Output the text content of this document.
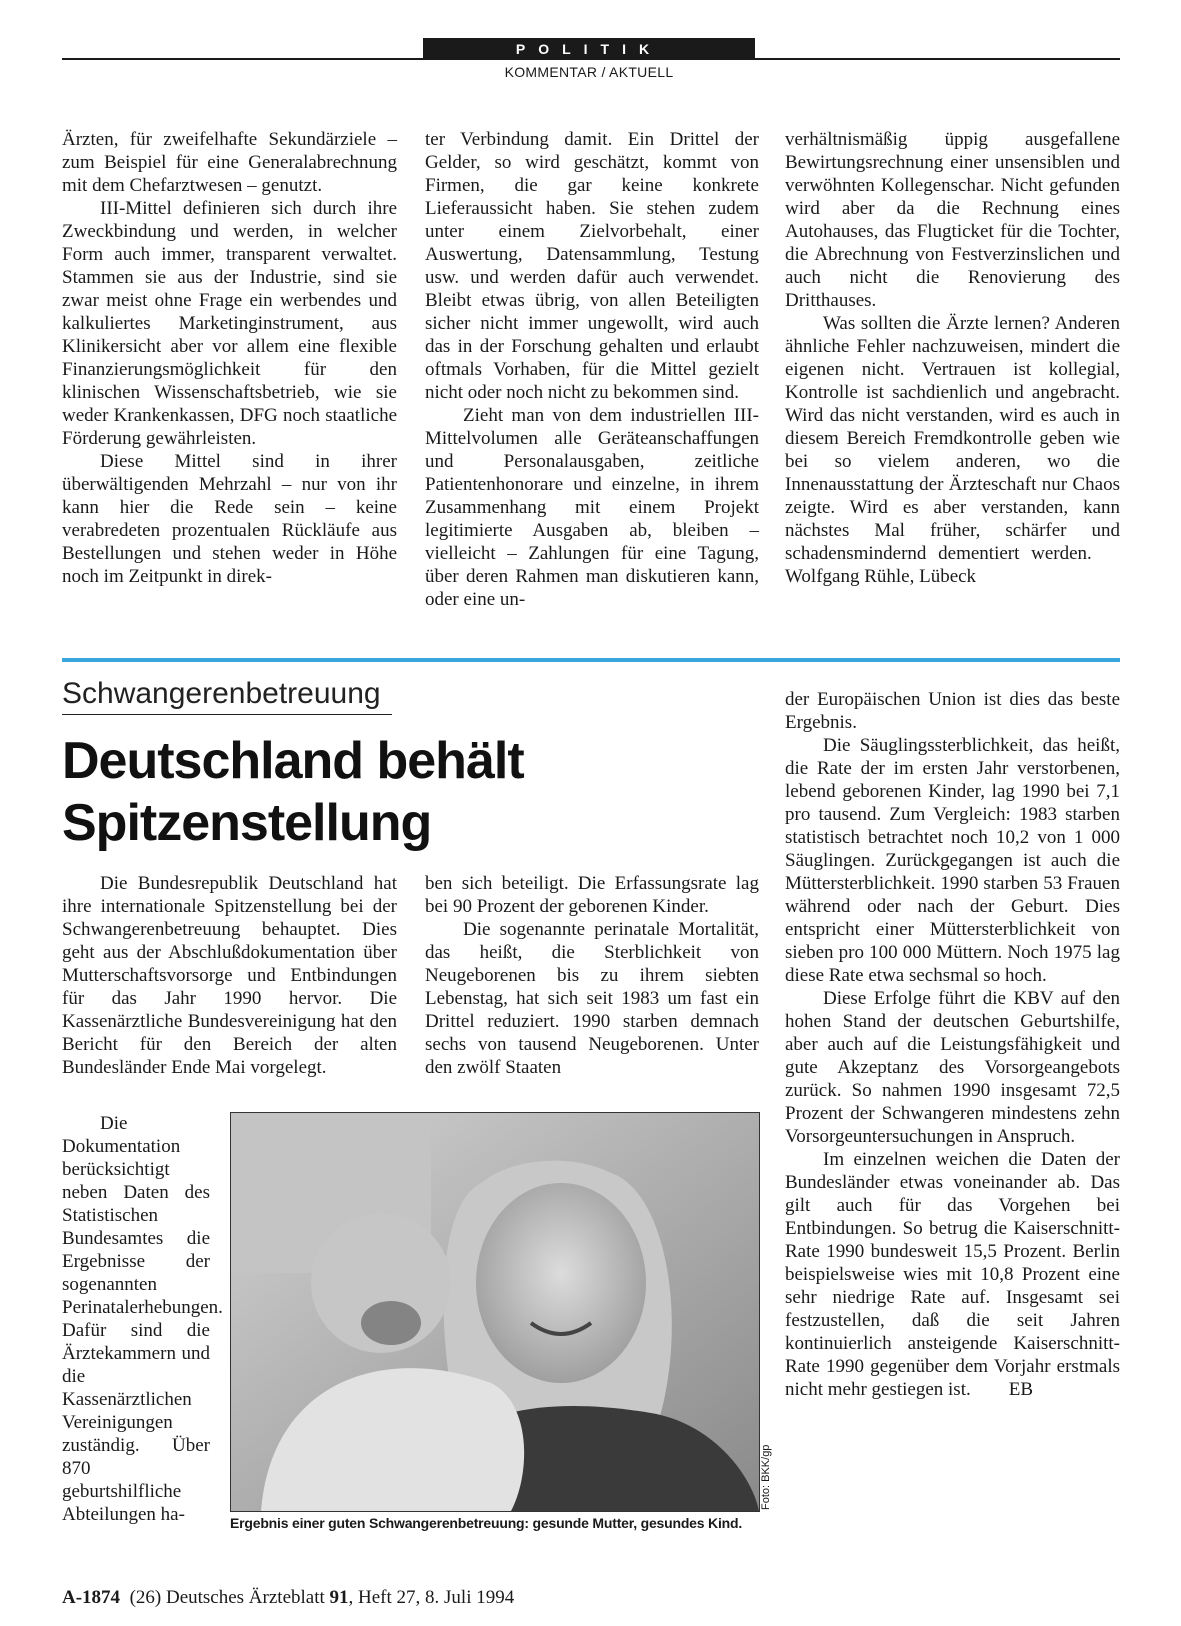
POLITIK
KOMMENTAR / AKTUELL

Ärzten, für zweifelhafte Sekundärziele – zum Beispiel für eine Generalabrechnung mit dem Chefarztwesen – genutzt.

III-Mittel definieren sich durch ihre Zweckbindung und werden, in welcher Form auch immer, transparent verwaltet. Stammen sie aus der Industrie, sind sie zwar meist ohne Frage ein werbendes und kalkuliertes Marketinginstrument, aus Klinikersicht aber vor allem eine flexible Finanzierungsmöglichkeit für den klinischen Wissenschaftsbetrieb, wie sie weder Krankenkassen, DFG noch staatliche Förderung gewährleisten.

Diese Mittel sind in ihrer überwältigenden Mehrzahl – nur von ihr kann hier die Rede sein – keine verabredeten prozentualen Rückläufe aus Bestellungen und stehen weder in Höhe noch im Zeitpunkt in direk-

ter Verbindung damit. Ein Drittel der Gelder, so wird geschätzt, kommt von Firmen, die gar keine konkrete Lieferaussicht haben. Sie stehen zudem unter einem Zielvorbehalt, einer Auswertung, Datensammlung, Testung usw. und werden dafür auch verwendet. Bleibt etwas übrig, von allen Beteiligten sicher nicht immer ungewollt, wird auch das in der Forschung gehalten und erlaubt oftmals Vorhaben, für die Mittel gezielt nicht oder noch nicht zu bekommen sind.

Zieht man von dem industriellen III-Mittelvolumen alle Geräteanschaffungen und Personalausgaben, zeitliche Patientenhonorare und einzelne, in ihrem Zusammenhang mit einem Projekt legitimierte Ausgaben ab, bleiben – vielleicht – Zahlungen für eine Tagung, über deren Rahmen man diskutieren kann, oder eine un-

verhältnismäßig üppig ausgefallene Bewirtungsrechnung einer unsensiblen und verwöhnten Kollegenschar. Nicht gefunden wird aber da die Rechnung eines Autohauses, das Flugticket für die Tochter, die Abrechnung von Festverzinslichen und auch nicht die Renovierung des Dritthauses.

Was sollten die Ärzte lernen? Anderen ähnliche Fehler nachzuweisen, mindert die eigenen nicht. Vertrauen ist kollegial, Kontrolle ist sachdienlich und angebracht. Wird das nicht verstanden, wird es auch in diesem Bereich Fremdkontrolle geben wie bei so vielem anderen, wo die Innenausstattung der Ärzteschaft nur Chaos zeigte. Wird es aber verstanden, kann nächstes Mal früher, schärfer und schadensmindernd dementiert werden.    Wolfgang Rühle, Lübeck

Schwangerenbetreuung
Deutschland behält
Spitzenstellung

Die Bundesrepublik Deutschland hat ihre internationale Spitzenstellung bei der Schwangerenbetreuung behauptet. Dies geht aus der Abschlußdokumentation über Mutterschaftsvorsorge und Entbindungen für das Jahr 1990 hervor. Die Kassenärztliche Bundesvereinigung hat den Bericht für den Bereich der alten Bundesländer Ende Mai vorgelegt.

Die Dokumentation berücksichtigt neben Daten des Statistischen Bundesamtes die Ergebnisse der sogenannten Perinatalerhebungen. Dafür sind die Ärztekammern und die Kassenärztlichen Vereinigungen zuständig. Über 870 geburtshilfliche Abteilungen ha-

ben sich beteiligt. Die Erfassungsrate lag bei 90 Prozent der geborenen Kinder.

Die sogenannte perinatale Mortalität, das heißt, die Sterblichkeit von Neugeborenen bis zu ihrem siebten Lebenstag, hat sich seit 1983 um fast ein Drittel reduziert. 1990 starben demnach sechs von tausend Neugeborenen. Unter den zwölf Staaten

der Europäischen Union ist dies das beste Ergebnis.

Die Säuglingssterblichkeit, das heißt, die Rate der im ersten Jahr verstorbenen, lebend geborenen Kinder, lag 1990 bei 7,1 pro tausend. Zum Vergleich: 1983 starben statistisch betrachtet noch 10,2 von 1 000 Säuglingen. Zurückgegangen ist auch die Müttersterblichkeit. 1990 starben 53 Frauen während oder nach der Geburt. Dies entspricht einer Müttersterblichkeit von sieben pro 100 000 Müttern. Noch 1975 lag diese Rate etwa sechsmal so hoch.

Diese Erfolge führt die KBV auf den hohen Stand der deutschen Geburtshilfe, aber auch auf die Leistungsfähigkeit und gute Akzeptanz des Vorsorgeangebots zurück. So nahmen 1990 insgesamt 72,5 Prozent der Schwangeren mindestens zehn Vorsorgeuntersuchungen in Anspruch.

Im einzelnen weichen die Daten der Bundesländer etwas voneinander ab. Das gilt auch für das Vorgehen bei Entbindungen. So betrug die Kaiserschnitt-Rate 1990 bundesweit 15,5 Prozent. Berlin beispielsweise wies mit 10,8 Prozent eine sehr niedrige Rate auf. Insgesamt sei festzustellen, daß die seit Jahren kontinuierlich ansteigende Kaiserschnitt-Rate 1990 gegenüber dem Vorjahr erstmals nicht mehr gestiegen ist. EB

Foto: BKK/gp
Ergebnis einer guten Schwangerenbetreuung: gesunde Mutter, gesundes Kind.
A-1874 (26) Deutsches Ärzteblatt 91, Heft 27, 8. Juli 1994
